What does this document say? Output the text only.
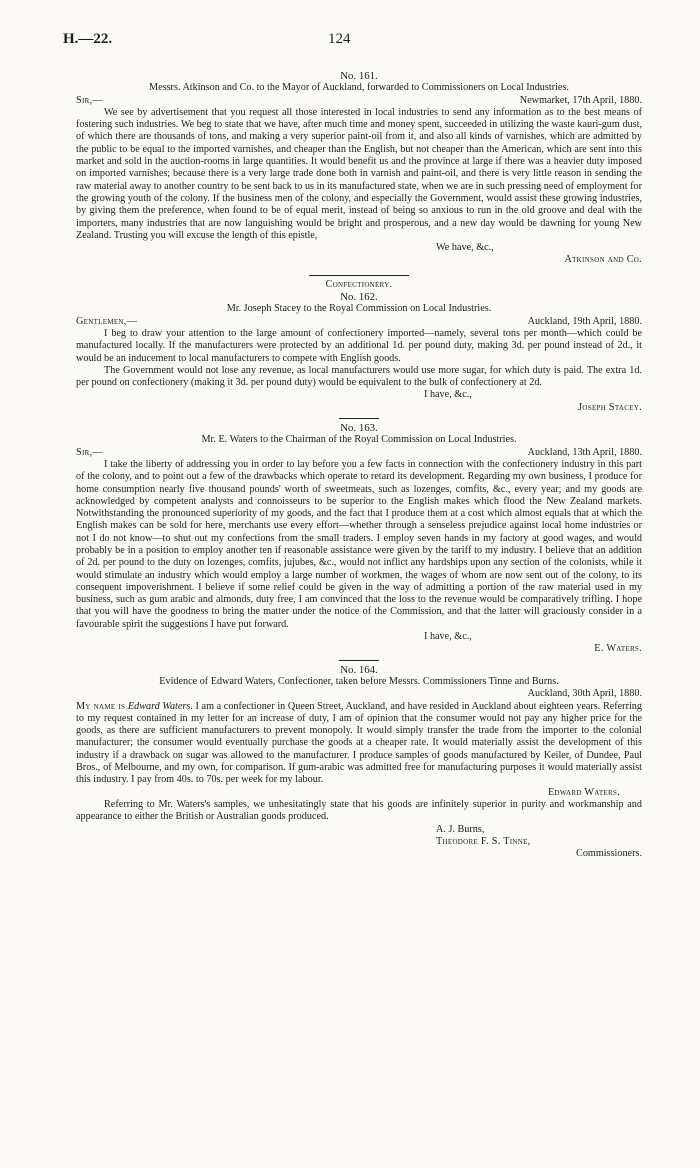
H.—22.	124
No. 161.
Messrs. Atkinson and Co. to the Mayor of Auckland, forwarded to Commissioners on Local Industries.
Sir,—	Newmarket, 17th April, 1880.

We see by advertisement that you request all those interested in local industries to send any information as to the best means of fostering such industries. We beg to state that we have, after much time and money spent, succeeded in utilizing the waste kauri-gum dust, of which there are thousands of tons, and making a very superior paint-oil from it, and also all kinds of varnishes, which are admitted by the public to be equal to the imported varnishes, and cheaper than the English, but not cheaper than the American, which are sent into this market and sold in the auction-rooms in large quantities. It would benefit us and the province at large if there was a heavier duty imposed on imported varnishes; because there is a very large trade done both in varnish and paint-oil, and there is very little reason in sending the raw material away to another country to be sent back to us in its manufactured state, when we are in such pressing need of employment for the growing youth of the colony. If the business men of the colony, and especially the Government, would assist these growing industries, by giving them the preference, when found to be of equal merit, instead of being so anxious to run in the old groove and deal with the importers, many industries that are now languishing would be bright and prosperous, and a new day would be dawning for young New Zealand. Trusting you will excuse the length of this epistle,

We have, &c.,
Atkinson and Co.
Confectionery.
No. 162.
Mr. Joseph Stacey to the Royal Commission on Local Industries.
Gentlemen,—	Auckland, 19th April, 1880.

I beg to draw your attention to the large amount of confectionery imported—namely, several tons per month—which could be manufactured locally. If the manufacturers were protected by an additional 1d. per pound duty, making 3d. per pound instead of 2d., it would be an inducement to local manufacturers to compete with English goods.

The Government would not lose any revenue, as local manufacturers would use more sugar, for which duty is paid. The extra 1d. per pound on confectionery (making it 3d. per pound duty) would be equivalent to the bulk of confectionery at 2d.

I have, &c.,
Joseph Stacey.
No. 163.
Mr. E. Waters to the Chairman of the Royal Commission on Local Industries.
Sir,—	Auckland, 13th April, 1880.

I take the liberty of addressing you in order to lay before you a few facts in connection with the confectionery industry in this part of the colony, and to point out a few of the drawbacks which operate to retard its development. Regarding my own business, I produce for home consumption nearly five thousand pounds' worth of sweetmeats, such as lozenges, comfits, &c., every year; and my goods are acknowledged by competent analysts and connoisseurs to be superior to the English makes which flood the New Zealand markets. Notwithstanding the pronounced superiority of my goods, and the fact that I produce them at a cost which almost equals that at which the English makes can be sold for here, merchants use every effort—whether through a senseless prejudice against local home industries or not I do not know—to shut out my confections from the small traders. I employ seven hands in my factory at good wages, and would probably be in a position to employ another ten if reasonable assistance were given by the tariff to my industry. I believe that an addition of 2d. per pound to the duty on lozenges, comfits, jujubes, &c., would not inflict any hardships upon any section of the colonists, while it would stimulate an industry which would employ a large number of workmen, the wages of whom are now sent out of the colony, to its consequent impoverishment. I believe if some relief could be given in the way of admitting a portion of the raw material used in my business, such as gum arabic and almonds, duty free, I am convinced that the loss to the revenue would be comparatively trifling. I hope that you will have the goodness to bring the matter under the notice of the Commission, and that the latter will graciously consider in a favourable spirit the suggestions I have put forward.

I have, &c.,
E. Waters.
No. 164.
Evidence of Edward Waters, Confectioner, taken before Messrs. Commissioners Tinne and Burns.
Auckland, 30th April, 1880.

My name is Edward Waters. I am a confectioner in Queen Street, Auckland, and have resided in Auckland about eighteen years. Referring to my request contained in my letter for an increase of duty, I am of opinion that the consumer would not pay any higher price for the goods, as there are sufficient manufacturers to prevent monopoly. It would simply transfer the trade from the importer to the colonial manufacturer; the consumer would eventually purchase the goods at a cheaper rate. It would materially assist the development of this industry if a drawback on sugar was allowed to the manufacturer. I produce samples of goods manufactured by Keiler, of Dundee, Paul Bros., of Melbourne, and my own, for comparison. If gum-arabic was admitted free for manufacturing purposes it would materially assist this industry. I pay from 40s. to 70s. per week for my labour.

Edward Waters.

Referring to Mr. Waters's samples, we unhesitatingly state that his goods are infinitely superior in purity and workmanship and appearance to either the British or Australian goods produced.

A. J. Burns,
Theodore F. S. Tinne,
Commissioners.
